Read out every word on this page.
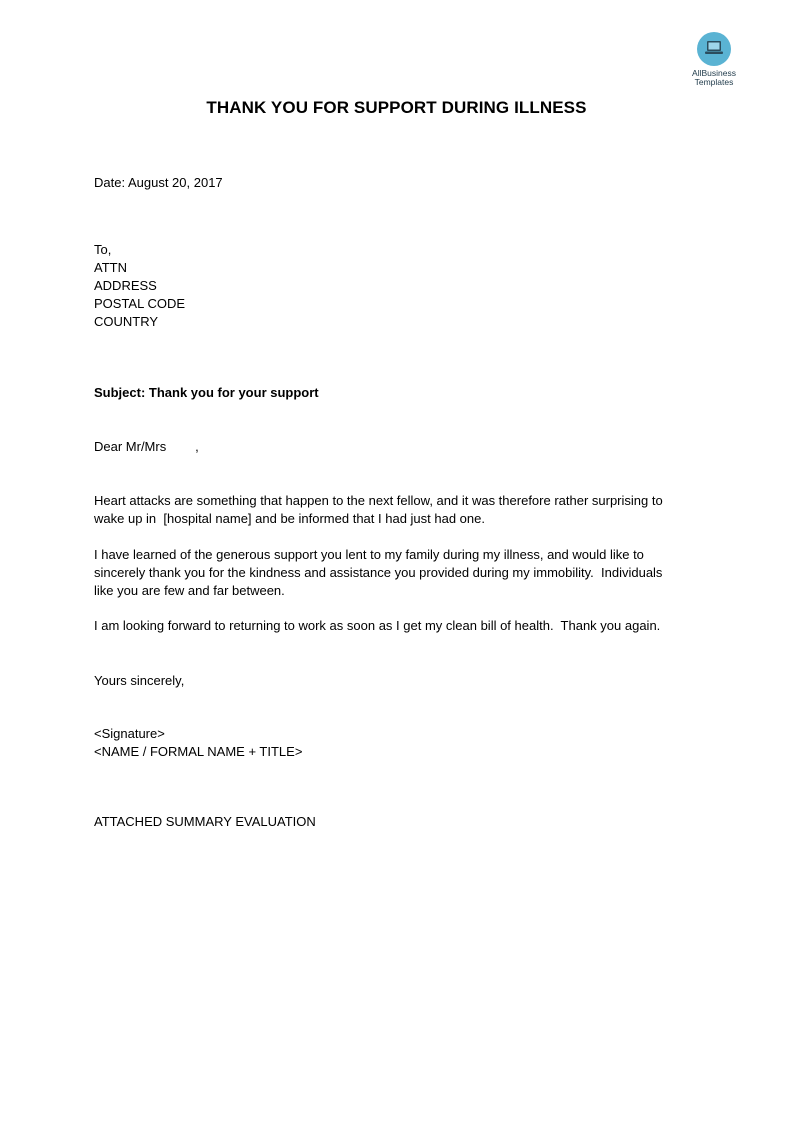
AllBusiness
Templates
THANK YOU FOR SUPPORT DURING ILLNESS
Date: August 20, 2017
To,
ATTN
ADDRESS
POSTAL CODE
COUNTRY
Subject: Thank you for your support
Dear Mr/Mrs        ,
Heart attacks are something that happen to the next fellow, and it was therefore rather surprising to
wake up in  [hospital name] and be informed that I had just had one.
I have learned of the generous support you lent to my family during my illness, and would like to
sincerely thank you for the kindness and assistance you provided during my immobility.  Individuals
like you are few and far between.
I am looking forward to returning to work as soon as I get my clean bill of health.  Thank you again.
Yours sincerely,
<Signature>
<NAME / FORMAL NAME + TITLE>
ATTACHED SUMMARY EVALUATION
